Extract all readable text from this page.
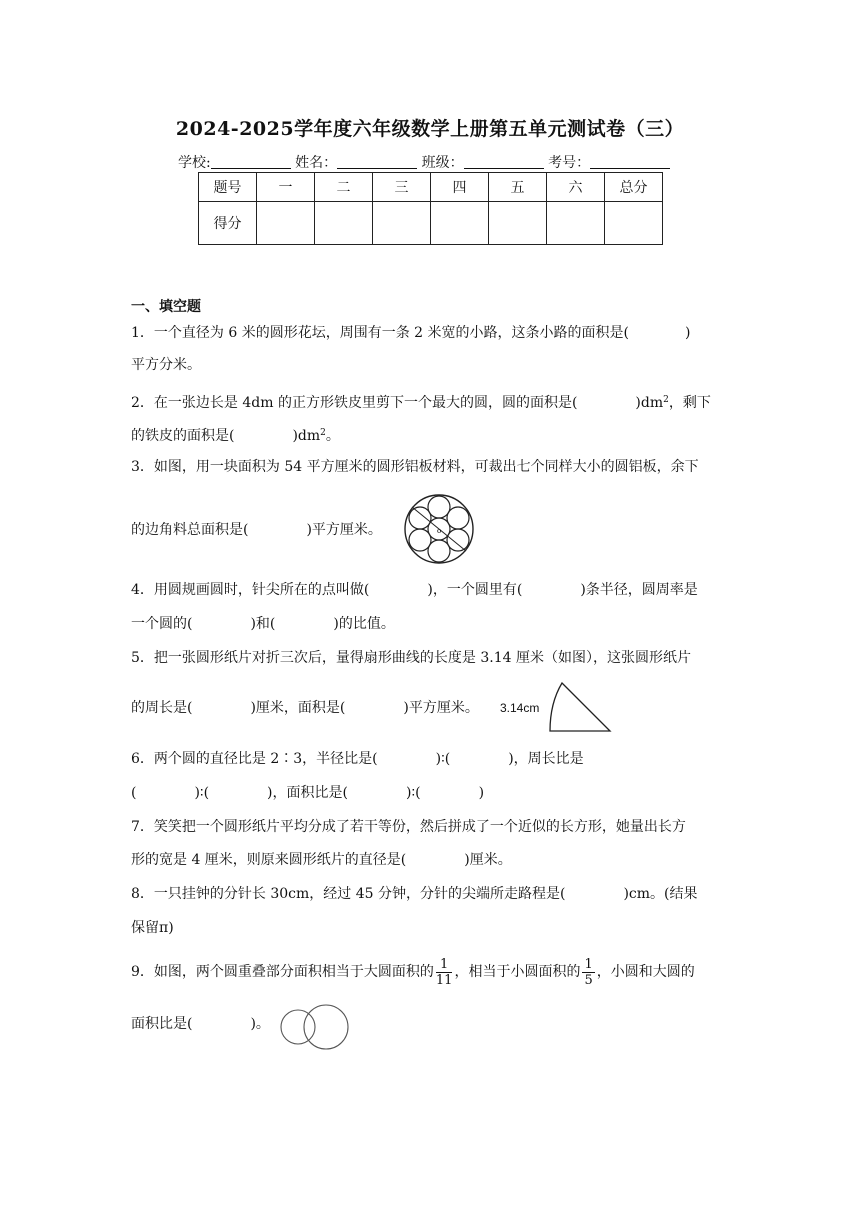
2024-2025学年度六年级数学上册第五单元测试卷（三）
学校:	姓名：	班级：	考号：
题号	一	二	三	四	五	六	总分
得分							
一、填空题
1．一个直径为 6 米的圆形花坛，周围有一条 2 米宽的小路，这条小路的面积是(	)
平方分米。
2．在一张边长是 4dm 的正方形铁皮里剪下一个最大的圆，圆的面积是(	)$dm^2$，剩下
的铁皮的面积是(	)$dm^2$。
3．如图，用一块面积为 54 平方厘米的圆形铝板材料，可裁出七个同样大小的圆铝板，余下
的边角料总面积是(	)平方厘米。	o
4．用圆规画圆时，针尖所在的点叫做(	)，一个圆里有(	)条半径，圆周率是
一个圆的(	)和(	)的比值。
5．把一张圆形纸片对折三次后，量得扇形曲线的长度是 3.14 厘米（如图），这张圆形纸片
的周长是(	)厘米，面积是(	)平方厘米。 3.14cm
6．两个圆的直径比是 2∶3，半径比是(	)∶(	)，周长比是
(	)∶(	)，面积比是(	)∶(	)
7．笑笑把一个圆形纸片平均分成了若干等份，然后拼成了一个近似的长方形，她量出长方
形的宽是 4 厘米，则原来圆形纸片的直径是(	)厘米。
8．一只挂钟的分针长 30cm，经过 45 分钟，分针的尖端所走路程是(	)cm。(结果
保留π)
9．如图，两个圆重叠部分面积相当于大圆面积的 $\frac{1}{11}$ ，相当于小圆面积的 $\frac{1}{5}$ ，小圆和大圆的
面积比是(	)。
